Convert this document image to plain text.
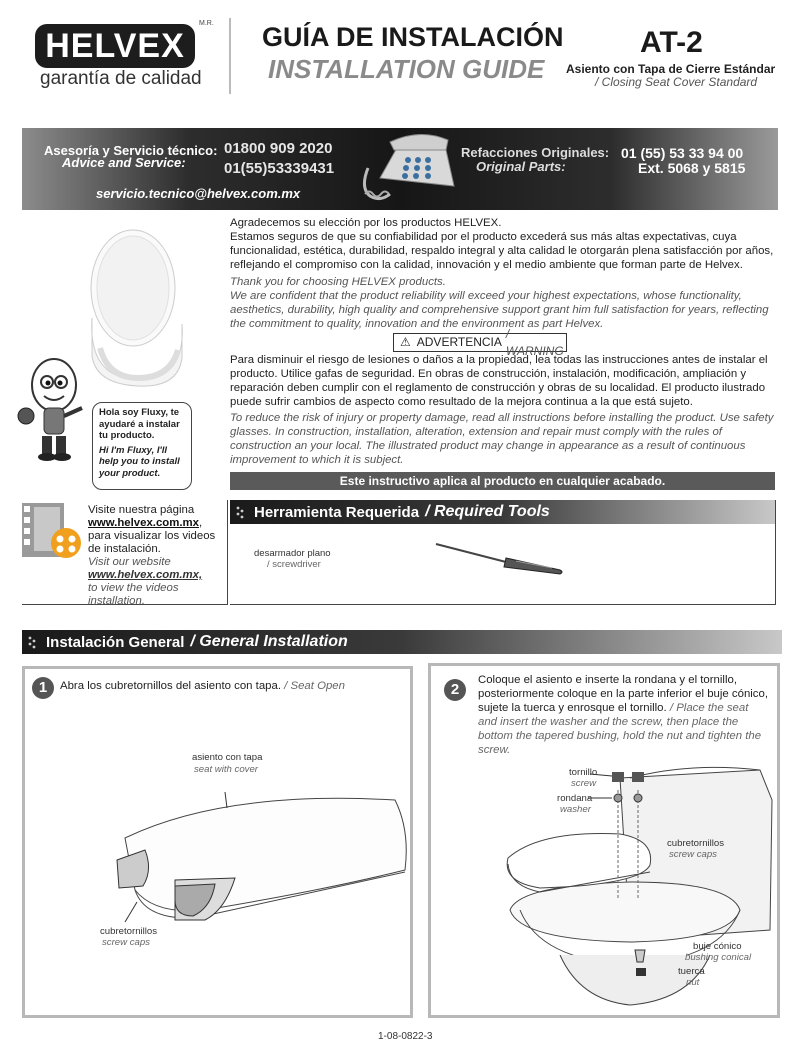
HELVEX
M.R.
garantía de calidad
GUÍA DE INSTALACIÓN
INSTALLATION GUIDE
AT-2
Asiento con Tapa de Cierre Estándar
/ Closing Seat Cover Standard
Asesoría y Servicio técnico:
Advice and Service:
01800 909 2020
01(55)53339431
servicio.tecnico@helvex.com.mx
Refacciones Originales:
Original Parts:
01 (55) 53 33 94 00
Ext. 5068 y 5815
Agradecemos su elección por los productos HELVEX.
Estamos seguros de que su confiabilidad por el producto excederá sus más altas expectativas, cuya funcionalidad, estética, durabilidad, respaldo integral y alta calidad le otorgarán plena satisfacción por años, reflejando el compromiso con la calidad, innovación y el medio ambiente que forman parte de Helvex.
Thank you for choosing HELVEX products.
We are confident that the product reliability will exceed your highest expectations, whose functionality, aesthetics, durability, high quality and comprehensive support grant him full satisfaction for years, reflecting the commitment to quality, innovation and the environment as part Helvex.
⚠ ADVERTENCIA
/ WARNING
Para disminuir el riesgo de lesiones o daños a la propiedad, lea todas las instrucciones antes de instalar el producto. Utilice gafas de seguridad. En obras de construcción, instalación, modificación, ampliación y reparación deben cumplir con el reglamento de construcción y obras de su localidad. El producto ilustrado puede sufrir cambios de aspecto como resultado de la mejora continua a la que está sujeto.
To reduce the risk of injury or property damage, read all instructions before installing the product. Use safety glasses. In construction, installation, alteration, extension and repair must comply with the rules of construction an your local. The illustrated product may change in appearance as a result of continuous improvement to which it is subject.
Este instructivo aplica al producto en cualquier acabado.
Hola soy Fluxy, te ayudaré a instalar tu producto.
Hi I'm Fluxy, I'll help you to install your product.
Visite nuestra página
www.helvex.com.mx, para visualizar los videos de instalación.
Visit our website
www.helvex.com.mx,
to view the videos installation.
Herramienta Requerida / Required Tools
desarmador plano
/ screwdriver
Instalación General / General Installation
1	Abra los cubretornillos del asiento con tapa. / Seat Open
asiento con tapa
seat with cover
cubretornillos
screw caps
2
Coloque el asiento e inserte la rondana y el tornillo, posteriormente coloque en la parte inferior el buje cónico, sujete la tuerca y enrosque el tornillo. / Place the seat and insert the washer and the screw, then place the bottom the tapered bushing, hold the nut and tighten the screw.
tornillo
screw
rondana
washer
cubretornillos
screw caps
buje cónico
bushing conical
tuerca
nut
1-08-0822-3
